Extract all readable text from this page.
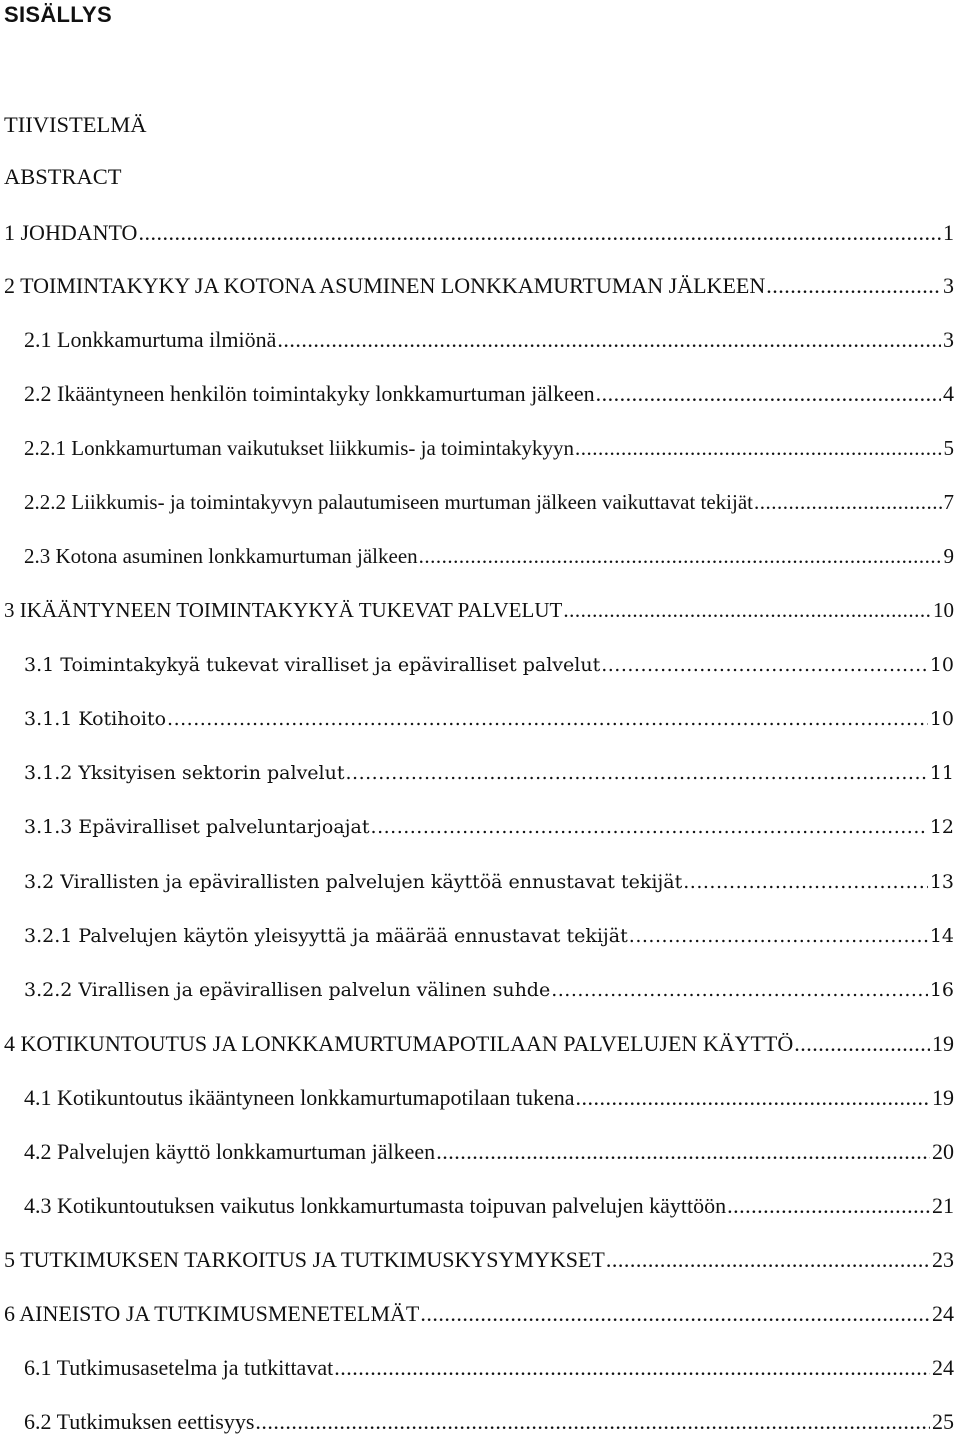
SISÄLLYS
TIIVISTELMÄ
ABSTRACT
1 JOHDANTO .....	1
2 TOIMINTAKYKY JA KOTONA ASUMINEN LONKKAMURTUMAN JÄLKEEN .....	3
2.1 Lonkkamurtuma ilmiönä .....	3
2.2 Ikääntyneen henkilön toimintakyky lonkkamurtuman jälkeen .....	4
2.2.1 Lonkkamurtuman vaikutukset liikkumis- ja toimintakykyyn .....	5
2.2.2 Liikkumis- ja toimintakyvyn palautumiseen murtuman jälkeen vaikuttavat tekijät .....	7
2.3 Kotona asuminen lonkkamurtuman jälkeen .....	9
3 IKÄÄNTYNEEN TOIMINTAKYKYÄ TUKEVAT PALVELUT .....	10
3.1 Toimintakykyä tukevat viralliset ja epäviralliset palvelut .....	10
3.1.1 Kotihoito .....	10
3.1.2 Yksityisen sektorin palvelut .....	11
3.1.3 Epäviralliset palveluntarjoajat .....	12
3.2 Virallisten ja epävirallisten palvelujen käyttöä ennustavat tekijät .....	13
3.2.1 Palvelujen käytön yleisyyttä ja määrää ennustavat tekijät .....	14
3.2.2 Virallisen ja epävirallisen palvelun välinen suhde .....	16
4 KOTIKUNTOUTUS JA LONKKAMURTUMAPOTILAAN PALVELUJEN KÄYTTÖ .....	19
4.1 Kotikuntoutus ikääntyneen lonkkamurtumapotilaan tukena .....	19
4.2 Palvelujen käyttö lonkkamurtuman jälkeen .....	20
4.3 Kotikuntoutuksen vaikutus lonkkamurtumasta toipuvan palvelujen käyttöön .....	21
5 TUTKIMUKSEN TARKOITUS JA TUTKIMUSKYSYMYKSET .....	23
6 AINEISTO JA TUTKIMUSMENETELMÄT .....	24
6.1 Tutkimusasetelma ja tutkittavat .....	24
6.2 Tutkimuksen eettisyys .....	25
